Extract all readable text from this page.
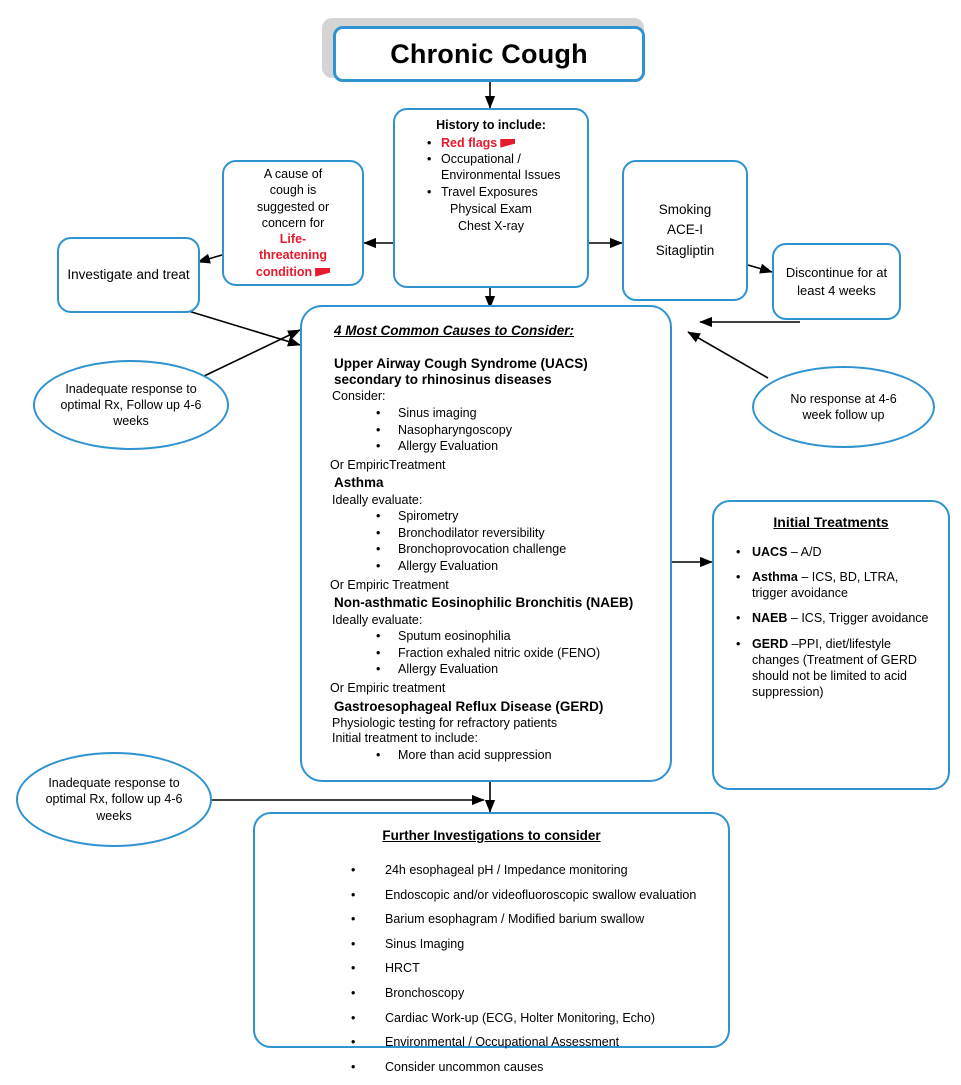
Chronic Cough
History to include:
• Red flags
• Occupational / Environmental Issues
• Travel Exposures
Physical Exam
Chest X-ray
A cause of
cough is
suggested or
concern for
Life-
threatening
condition
Investigate and treat
Smoking
ACE-I
Sitagliptin
Discontinue for at least 4 weeks
Inadequate response to optimal Rx, Follow up 4-6 weeks
No response at 4-6 week follow up
Inadequate response to optimal Rx, follow up 4-6 weeks
4 Most Common Causes to Consider:
Upper Airway Cough Syndrome (UACS) secondary to rhinosinus diseases
Consider:
• Sinus imaging
• Nasopharyngoscopy
• Allergy Evaluation
Or EmpiricTreatment
Asthma
Ideally evaluate:
• Spirometry
• Bronchodilator reversibility
• Bronchoprovocation challenge
• Allergy Evaluation
Or Empiric Treatment
Non-asthmatic Eosinophilic Bronchitis (NAEB)
Ideally evaluate:
• Sputum eosinophilia
• Fraction exhaled nitric oxide (FENO)
• Allergy Evaluation
Or Empiric treatment
Gastroesophageal Reflux Disease (GERD)
Physiologic testing for refractory patients
Initial treatment to include:
• More than acid suppression
Initial Treatments
• UACS – A/D
• Asthma – ICS, BD, LTRA, trigger avoidance
• NAEB – ICS, Trigger avoidance
• GERD –PPI, diet/lifestyle changes (Treatment of GERD should not be limited to acid suppression)
Further Investigations to consider
• 24h esophageal pH / Impedance monitoring
• Endoscopic and/or videofluoroscopic swallow evaluation
• Barium esophagram / Modified barium swallow
• Sinus Imaging
• HRCT
• Bronchoscopy
• Cardiac Work-up (ECG, Holter Monitoring, Echo)
• Environmental / Occupational Assessment
• Consider uncommon causes
